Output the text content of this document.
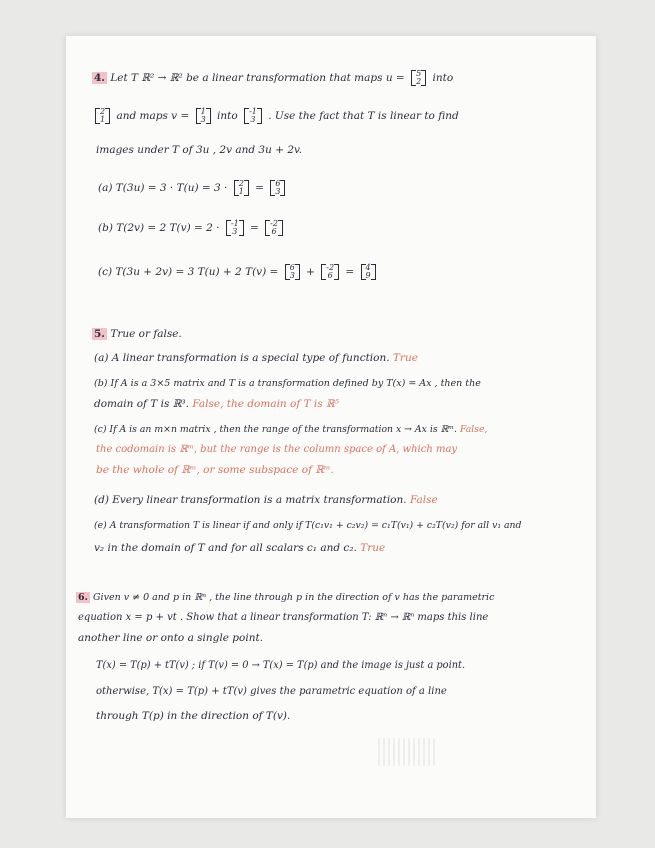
4. Let T ℝ² → ℝ² be a linear transformation that maps u = 5
2 into
2
1 and maps v = 1
3 into -1
3 . Use the fact that T is linear to find
images under T of 3u , 2v and 3u + 2v.
(a) T(3u) = 3 · T(u) = 3 · 2
1 = 6
3
(b) T(2v) = 2 T(v) = 2 · -1
3 = -2
6
(c) T(3u + 2v) = 3 T(u) + 2 T(v) = 6
3 + -2
6 = 4
9
5. True or false.
(a) A linear transformation is a special type of function. True
(b) If A is a 3×5 matrix and T is a transformation defined by T(x) = Ax , then the
domain of T is ℝ³. False, the domain of T is ℝ⁵
(c) If A is an m×n matrix , then the range of the transformation x → Ax is ℝᵐ. False,
the codomain is ℝᵐ, but the range is the column space of A, which may
be the whole of ℝᵐ, or some subspace of ℝᵐ.
(d) Every linear transformation is a matrix transformation. False
(e) A transformation T is linear if and only if T(c₁v₁ + c₂v₂) = c₁T(v₁) + c₂T(v₂) for all v₁ and
v₂ in the domain of T and for all scalars c₁ and c₂. True
6. Given v ≠ 0 and p in ℝⁿ , the line through p in the direction of v has the parametric
equation x = p + vt . Show that a linear transformation T: ℝⁿ → ℝⁿ maps this line
another line or onto a single point.
T(x) = T(p) + tT(v) ; if T(v) = 0 → T(x) = T(p) and the image is just a point.
otherwise, T(x) = T(p) + tT(v) gives the parametric equation of a line
through T(p) in the direction of T(v).
